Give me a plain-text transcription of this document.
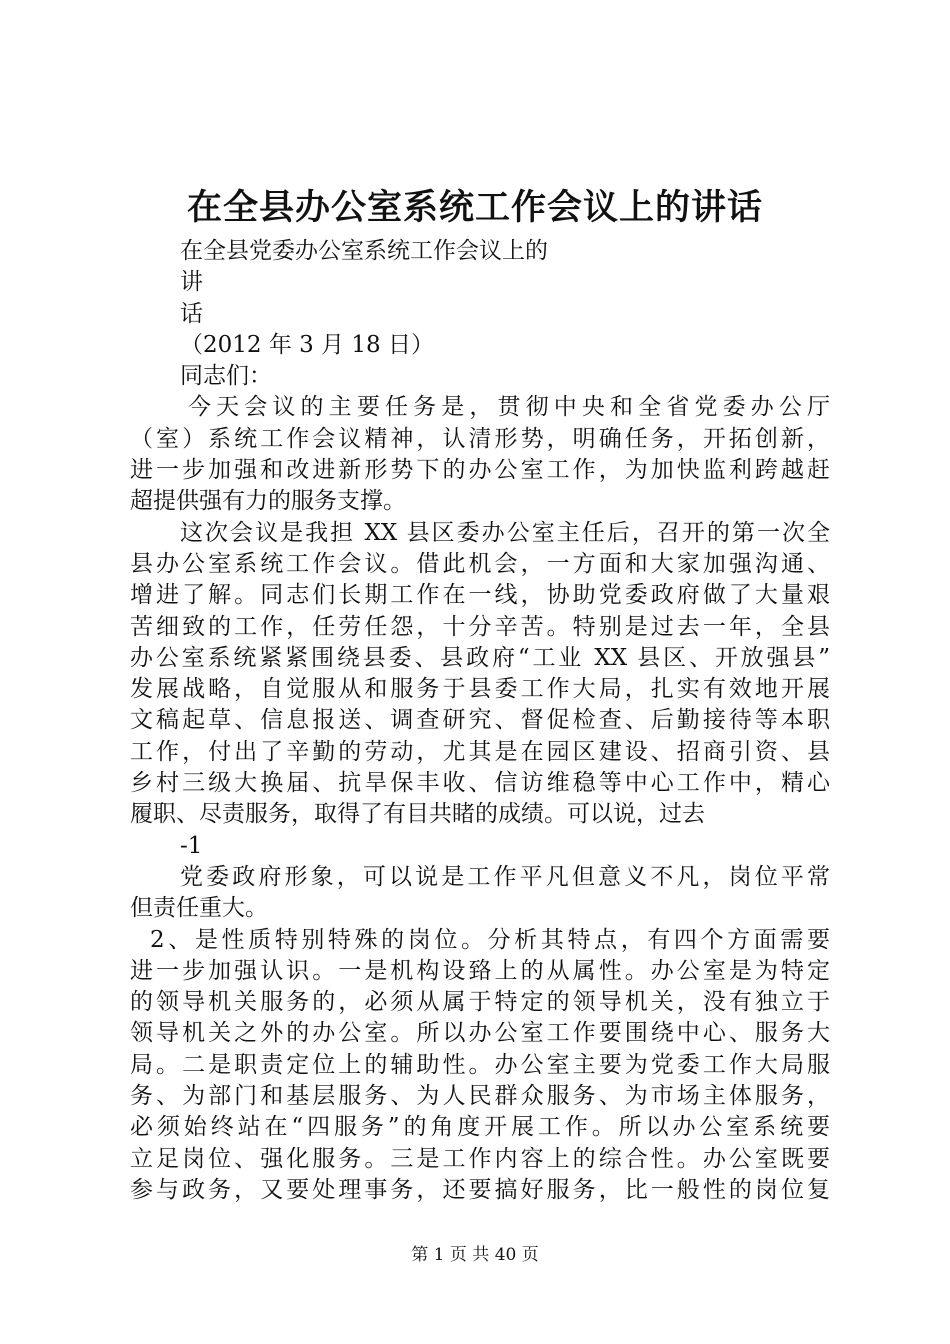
在全县办公室系统工作会议上的讲话
在全县党委办公室系统工作会议上的
讲
话
（2012 年 3 月 18 日）
同志们：
今天会议的主要任务是，贯彻中央和全省党委办公厅
（室）系统工作会议精神，认清形势，明确任务，开拓创新，
进一步加强和改进新形势下的办公室工作，为加快监利跨越赶
超提供强有力的服务支撑。
这次会议是我担 XX 县区委办公室主任后，召开的第一次全
县办公室系统工作会议。借此机会，一方面和大家加强沟通、
增进了解。同志们长期工作在一线，协助党委政府做了大量艰
苦细致的工作，任劳任怨，十分辛苦。特别是过去一年，全县
办公室系统紧紧围绕县委、县政府“工业 XX 县区、开放强县”
发展战略，自觉服从和服务于县委工作大局，扎实有效地开展
文稿起草、信息报送、调查研究、督促检查、后勤接待等本职
工作，付出了辛勤的劳动，尤其是在园区建设、招商引资、县
乡村三级大换届、抗旱保丰收、信访维稳等中心工作中，精心
履职、尽责服务，取得了有目共睹的成绩。可以说，过去
-1
党委政府形象，可以说是工作平凡但意义不凡，岗位平常
但责任重大。
2、是性质特别特殊的岗位。分析其特点，有四个方面需要
进一步加强认识。一是机构设臵上的从属性。办公室是为特定
的领导机关服务的，必须从属于特定的领导机关，没有独立于
领导机关之外的办公室。所以办公室工作要围绕中心、服务大
局。二是职责定位上的辅助性。办公室主要为党委工作大局服
务、为部门和基层服务、为人民群众服务、为市场主体服务，
必须始终站在“四服务”的角度开展工作。所以办公室系统要
立足岗位、强化服务。三是工作内容上的综合性。办公室既要
参与政务，又要处理事务，还要搞好服务，比一般性的岗位复
第 1 页 共 40 页
